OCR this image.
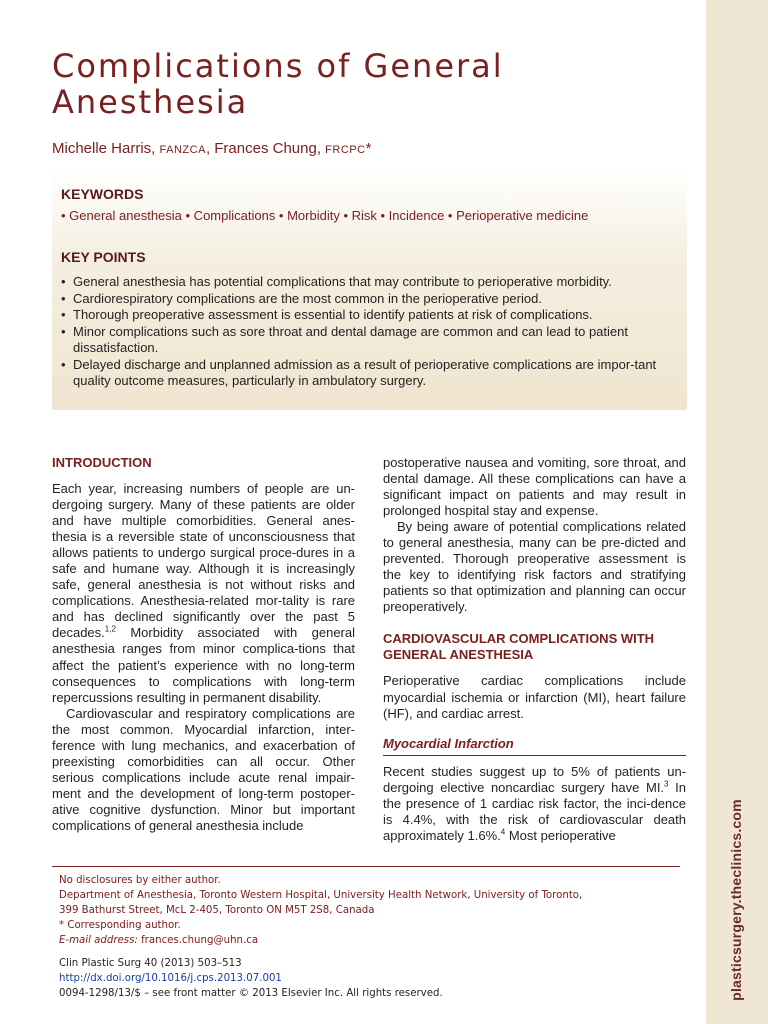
plasticsurgery.theclinics.com
Complications of General Anesthesia
Michelle Harris, FANZCA, Frances Chung, FRCPC*
KEYWORDS
• General anesthesia • Complications • Morbidity • Risk • Incidence • Perioperative medicine
KEY POINTS
• General anesthesia has potential complications that may contribute to perioperative morbidity.
• Cardiorespiratory complications are the most common in the perioperative period.
• Thorough preoperative assessment is essential to identify patients at risk of complications.
• Minor complications such as sore throat and dental damage are common and can lead to patient dissatisfaction.
• Delayed discharge and unplanned admission as a result of perioperative complications are impor-tant quality outcome measures, particularly in ambulatory surgery.
INTRODUCTION

Each year, increasing numbers of people are un-dergoing surgery. Many of these patients are older and have multiple comorbidities. General anes-thesia is a reversible state of unconsciousness that allows patients to undergo surgical proce-dures in a safe and humane way. Although it is increasingly safe, general anesthesia is not without risks and complications. Anesthesia-related mor-tality is rare and has declined significantly over the past 5 decades.$^{1,2}$ Morbidity associated with general anesthesia ranges from minor complica-tions that affect the patient’s experience with no long-term consequences to complications with long-term repercussions resulting in permanent disability.

Cardiovascular and respiratory complications are the most common. Myocardial infarction, inter-ference with lung mechanics, and exacerbation of preexisting comorbidities can all occur. Other serious complications include acute renal impair-ment and the development of long-term postoper-ative cognitive dysfunction. Minor but important complications of general anesthesia include

postoperative nausea and vomiting, sore throat, and dental damage. All these complications can have a significant impact on patients and may result in prolonged hospital stay and expense.

By being aware of potential complications related to general anesthesia, many can be pre-dicted and prevented. Thorough preoperative assessment is the key to identifying risk factors and stratifying patients so that optimization and planning can occur preoperatively.

CARDIOVASCULAR COMPLICATIONS WITH GENERAL ANESTHESIA

Perioperative cardiac complications include myocardial ischemia or infarction (MI), heart failure (HF), and cardiac arrest.

Myocardial Infarction

Recent studies suggest up to 5% of patients un-dergoing elective noncardiac surgery have MI.$^3$ In the presence of 1 cardiac risk factor, the inci-dence is 4.4%, with the risk of cardiovascular death approximately 1.6%.$^4$ Most perioperative

No disclosures by either author.
Department of Anesthesia, Toronto Western Hospital, University Health Network, University of Toronto,
399 Bathurst Street, McL 2-405, Toronto ON M5T 2S8, Canada
* Corresponding author.
E-mail address: frances.chung@uhn.ca
Clin Plastic Surg 40 (2013) 503–513
http://dx.doi.org/10.1016/j.cps.2013.07.001
0094-1298/13/$ – see front matter © 2013 Elsevier Inc. All rights reserved.
